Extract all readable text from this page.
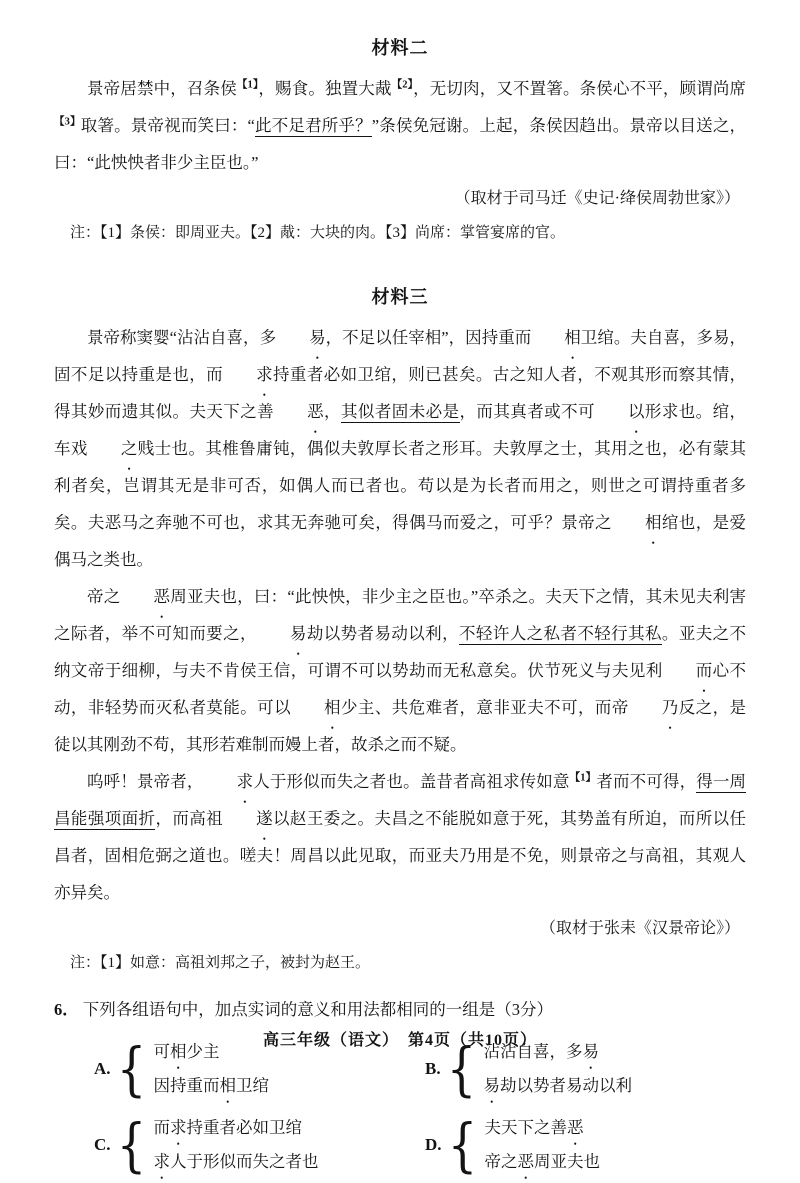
材料二

景帝居禁中，召条侯$^{【1】}$，赐食。独置大胾$^{【2】}$，无切肉，又不置箸。条侯心不平，顾谓尚席$^{【3】}$取箸。景帝视而笑曰：“此不足君所乎？”条侯免冠谢。上起，条侯因趋出。景帝以目送之，曰：“此怏怏者非少主臣也。”

（取材于司马迁《史记·绛侯周勃世家》）
注：【1】条侯：即周亚夫。【2】胾：大块的肉。【3】尚席：掌管宴席的官。
材料三

景帝称窦婴“沾沾自喜，多 易，不足以任宰相”，因持重而 相卫绾。夫自喜，多易，固不足以持重是也，而 求持重者必如卫绾，则已甚矣。古之知人者，不观其形而察其情，得其妙而遗其似。夫天下之善 恶，其似者固未必是，而其真者或不可 以形求也。绾，车戏 之贱士也。其椎鲁庸钝，偶似夫敦厚长者之形耳。夫敦厚之士，其用之也，必有蒙其利者矣，岂谓其无是非可否，如偶人而已者也。苟以是为长者而用之，则世之可谓持重者多矣。夫恶马之奔驰不可也，求其无奔驰可矣，得偶马而爱之，可乎？景帝之 相绾也，是爱偶马之类也。

帝之 恶周亚夫也，曰：“此怏怏，非少主之臣也。”卒杀之。夫天下之情，其未见夫利害之际者，举不可知而要之， 易劫以势者易动以利，不轻许人之私者不轻行其私。亚夫之不纳文帝于细柳，与夫不肯侯王信，可谓不可以势劫而无私意矣。伏节死义与夫见利 而心不动，非轻势而灭私者莫能。可以 相少主、共危难者，意非亚夫不可，而帝 乃反之，是徒以其刚劲不苟，其形若难制而嫚上者，故杀之而不疑。

呜呼！景帝者， 求人于形似而失之者也。盖昔者高祖求传如意$^{【1】}$者而不可得，得一周昌能强项面折，而高祖 遂以赵王委之。夫昌之不能脱如意于死，其势盖有所迫，而所以任昌者，固相危弼之道也。嗟夫！周昌以此见取，而亚夫乃用是不免，则景帝之与高祖，其观人亦异矣。

（取材于张耒《汉景帝论》）
注：【1】如意：高祖刘邦之子，被封为赵王。

6． 下列各组语句中，加点实词的意义和用法都相同的一组是（3分）

A. { 可相少主
因持重而相卫绾
B. { 沾沾自喜，多易
易劫以势者易动以利
C. { 而求持重者必如卫绾
求人于形似而失之者也
D. { 夫天下之善恶
帝之恶周亚夫也
高三年级（语文）　第4页（共10页）
